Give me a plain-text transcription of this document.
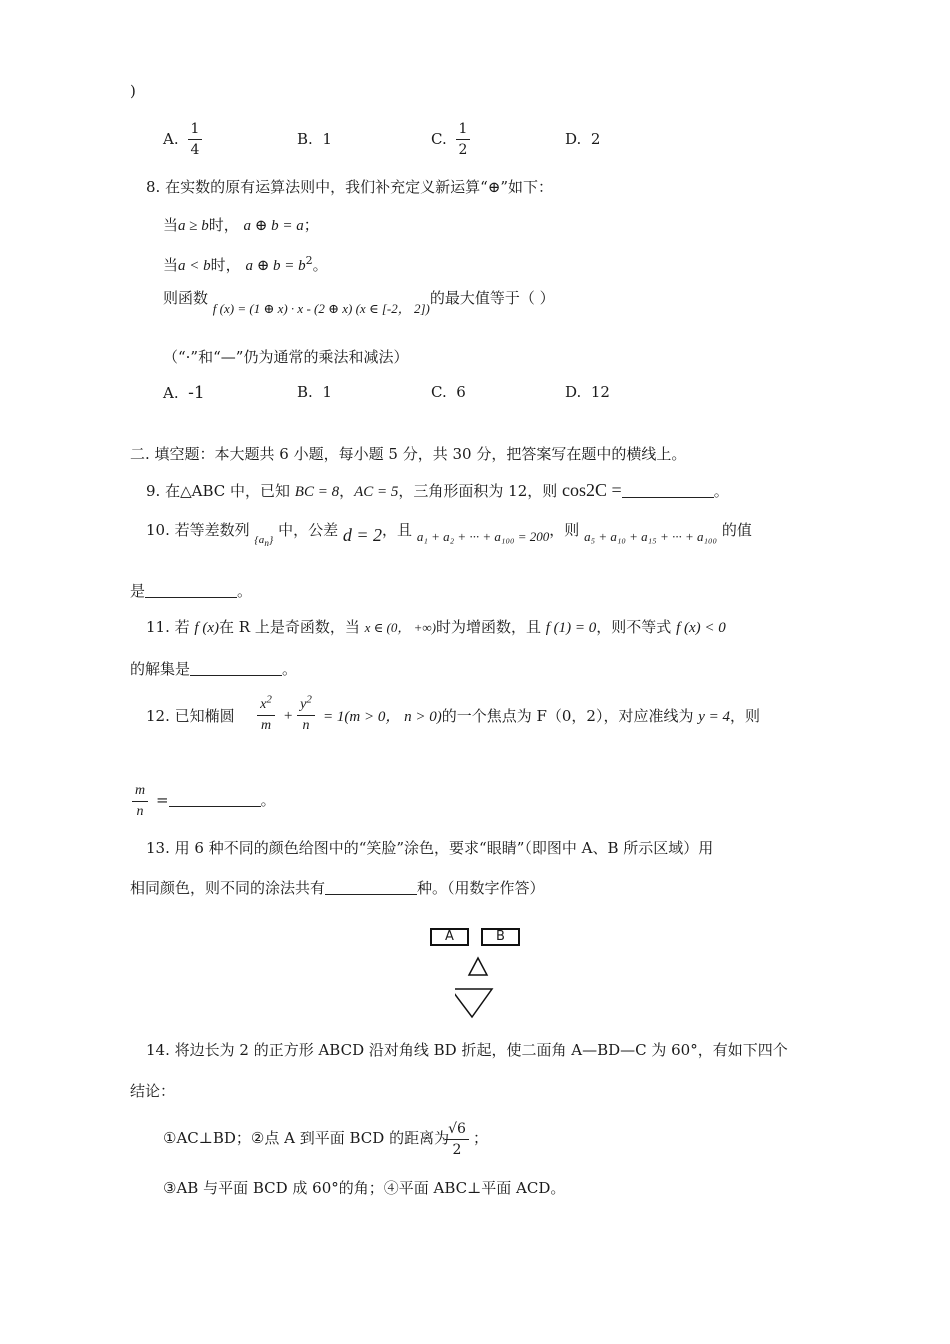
)
A.
1
4
B. 1	C.
1
2
D. 2
8. 在实数的原有运算法则中，我们补充定义新运算“⊕”如下：
当a ≥ b时， a ⊕ b = a；
当a < b时， a ⊕ $b = b^2$。
则函数 f (x) = (1 ⊕ x) · x - (2 ⊕ x) (x ∈ [-2， 2])的最大值等于（ ）
（“·”和“—”仍为通常的乘法和减法）
A. -1	B. 1	C. 6	D. 12
二. 填空题：本大题共 6 小题，每小题 5 分，共 30 分，把答案写在题中的横线上。
9. 在△ABC 中，已知 BC = 8，AC = 5，三角形面积为 12，则 cos2C =	。
10. 若等差数列 $_{\{a_n\}}$ 中，公差 d = 2，且 a₁ + a₂ + ··· + a₁₀₀ = 200，则 a₅ + a₁₀ + a₁₅ + ··· + a₁₀₀ 的值
是	。
11. 若 f (x)在 R 上是奇函数，当 x ∈ (0， +∞)时为增函数，且 f (1) = 0，则不等式 f (x) < 0
的解集是	。
12. 已知椭圆
$x^2$
m
+
$y^2$
n
= 1(m > 0， n > 0)的一个焦点为 F（0，2），对应准线为 y = 4，则
m
n
=	。
13. 用 6 种不同的颜色给图中的“笑脸”涂色，要求“眼睛”（即图中 A、B 所示区域）用
相同颜色，则不同的涂法共有	种。（用数字作答）
A	B
14. 将边长为 2 的正方形 ABCD 沿对角线 BD 折起，使二面角 A—BD—C 为 60°，有如下四个
结论：
①AC⊥BD；②点 A 到平面 BCD 的距离为 √6
2
；
③AB 与平面 BCD 成 60°的角；④平面 ABC⊥平面 ACD。
